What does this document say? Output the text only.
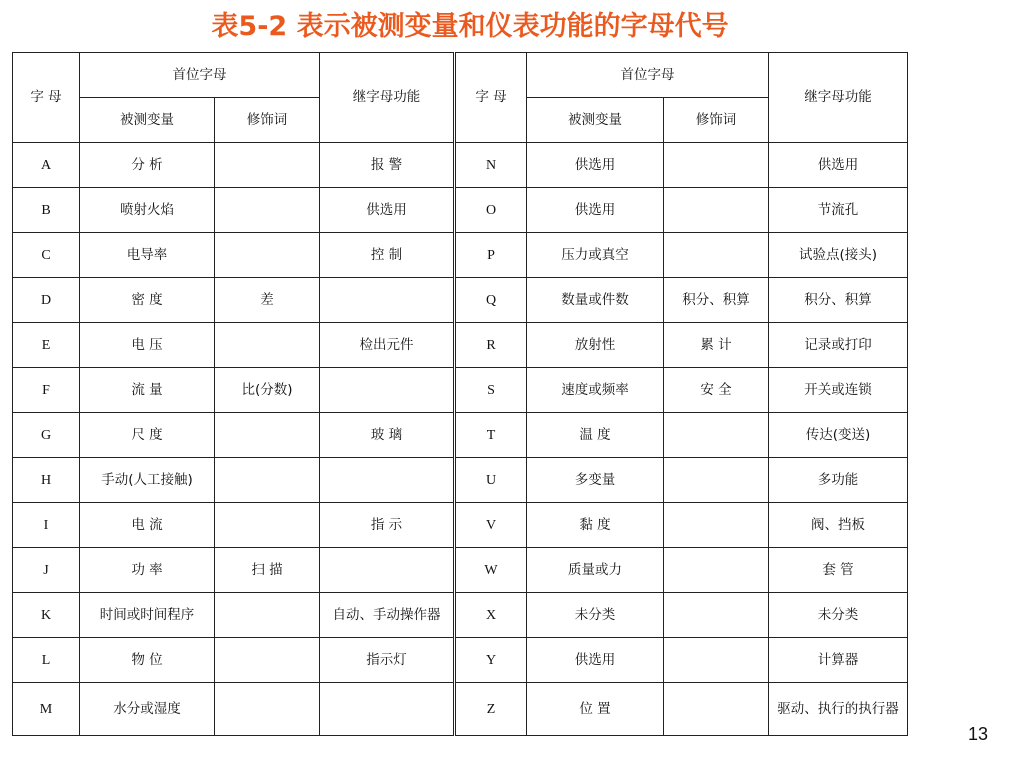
表5-2 表示被测变量和仪表功能的字母代号
字 母	首位字母		继字母功能	字 母	首位字母		继字母功能
	被测变量	修饰词			被测变量	修饰词	
A	分 析		报 警	N	供选用		供选用
B	喷射火焰		供选用	O	供选用		节流孔
C	电导率		控 制	P	压力或真空		试验点(接头)
D	密 度	差		Q	数量或件数	积分、积算	积分、积算
E	电 压		检出元件	R	放射性	累 计	记录或打印
F	流 量	比(分数)		S	速度或频率	安 全	开关或连锁
G	尺 度		玻 璃	T	温 度		传达(变送)
H	手动(人工接触)			U	多变量		多功能
I	电 流		指 示	V	黏 度		阀、挡板
J	功 率	扫 描		W	质量或力		套 管
K	时间或时间程序		自动、手动操作器	X	未分类		未分类
L	物 位		指示灯	Y	供选用		计算器
M	水分或湿度			Z	位 置		驱动、执行的执行器
13
